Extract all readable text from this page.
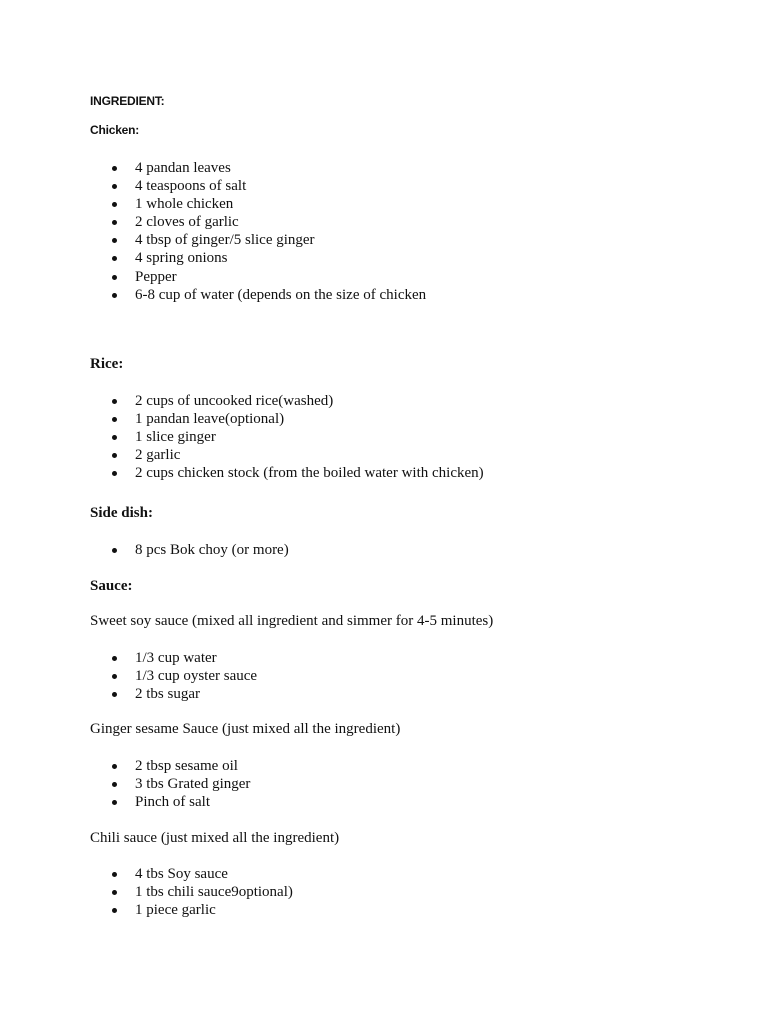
INGREDIENT:
Chicken:
4 pandan leaves
4 teaspoons of salt
1 whole chicken
2 cloves of garlic
4 tbsp of ginger/5 slice ginger
4 spring onions
Pepper
6-8 cup of water (depends on the size of chicken
Rice:
2 cups of uncooked rice(washed)
1 pandan leave(optional)
1 slice ginger
2 garlic
2 cups chicken stock (from the boiled water with chicken)
Side dish:
8 pcs Bok choy (or more)
Sauce:

Sweet soy sauce (mixed all ingredient and simmer for 4-5 minutes)

1/3 cup water
1/3 cup oyster sauce
2 tbs sugar

Ginger sesame Sauce (just mixed all the ingredient)

2 tbsp sesame oil
3 tbs Grated ginger
Pinch of salt

Chili sauce (just mixed all the ingredient)

4 tbs Soy sauce
1 tbs chili sauce9optional)
1 piece garlic
